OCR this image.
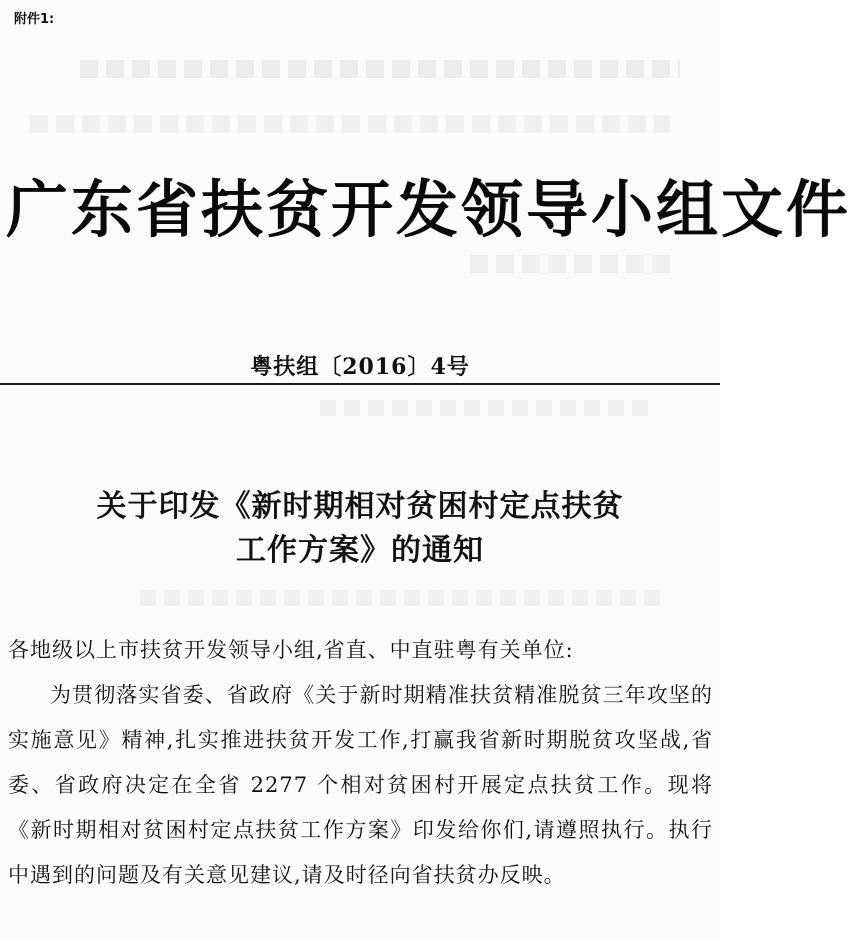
附件1:
广东省扶贫开发领导小组文件
粤扶组〔2016〕4号
关于印发《新时期相对贫困村定点扶贫
工作方案》的通知

各地级以上市扶贫开发领导小组,省直、中直驻粤有关单位:

为贯彻落实省委、省政府《关于新时期精准扶贫精准脱贫三年攻坚的实施意见》精神,扎实推进扶贫开发工作,打赢我省新时期脱贫攻坚战,省委、省政府决定在全省 2277 个相对贫困村开展定点扶贫工作。现将《新时期相对贫困村定点扶贫工作方案》印发给你们,请遵照执行。执行中遇到的问题及有关意见建议,请及时径向省扶贫办反映。
